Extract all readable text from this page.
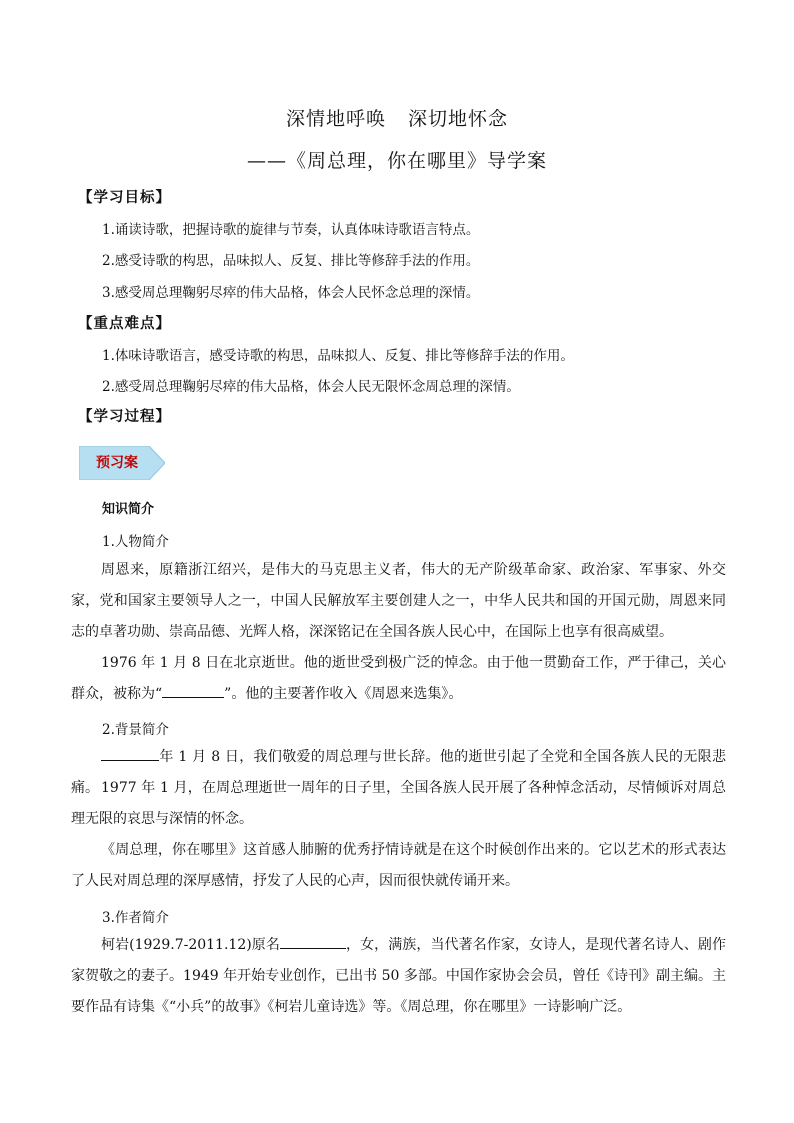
深情地呼唤 深切地怀念
——《周总理，你在哪里》导学案
【学习目标】
1.诵读诗歌，把握诗歌的旋律与节奏，认真体味诗歌语言特点。
2.感受诗歌的构思，品味拟人、反复、排比等修辞手法的作用。
3.感受周总理鞠躬尽瘁的伟大品格，体会人民怀念总理的深情。
【重点难点】
1.体味诗歌语言，感受诗歌的构思，品味拟人、反复、排比等修辞手法的作用。
2.感受周总理鞠躬尽瘁的伟大品格，体会人民无限怀念周总理的深情。
【学习过程】
预习案
知识简介
1.人物简介
周恩来，原籍浙江绍兴，是伟大的马克思主义者，伟大的无产阶级革命家、政治家、军事家、外交家，党和国家主要领导人之一，中国人民解放军主要创建人之一，中华人民共和国的开国元勋，周恩来同志的卓著功勋、崇高品德、光辉人格，深深铭记在全国各族人民心中，在国际上也享有很高威望。
1976 年 1 月 8 日在北京逝世。他的逝世受到极广泛的悼念。由于他一贯勤奋工作，严于律己，关心群众，被称为“	”。他的主要著作收入《周恩来选集》。
2.背景简介
年 1 月 8 日，我们敬爱的周总理与世长辞。他的逝世引起了全党和全国各族人民的无限悲痛。 1977 年 1 月，在周总理逝世一周年的日子里，全国各族人民开展了各种悼念活动，尽情倾诉对周总理无限的哀思与深情的怀念。
《周总理，你在哪里》这首感人肺腑的优秀抒情诗就是在这个时候创作出来的。它以艺术的形式表达了人民对周总理的深厚感情，抒发了人民的心声，因而很快就传诵开来。
3.作者简介
柯岩(1929.7-2011.12)原名	，女，满族，当代著名作家，女诗人，是现代著名诗人、剧作家贺敬之的妻子。1949 年开始专业创作，已出书 50 多部。中国作家协会会员，曾任《诗刊》副主编。主要作品有诗集《“小兵”的故事》《柯岩儿童诗选》等。《周总理，你在哪里》一诗影响广泛。
